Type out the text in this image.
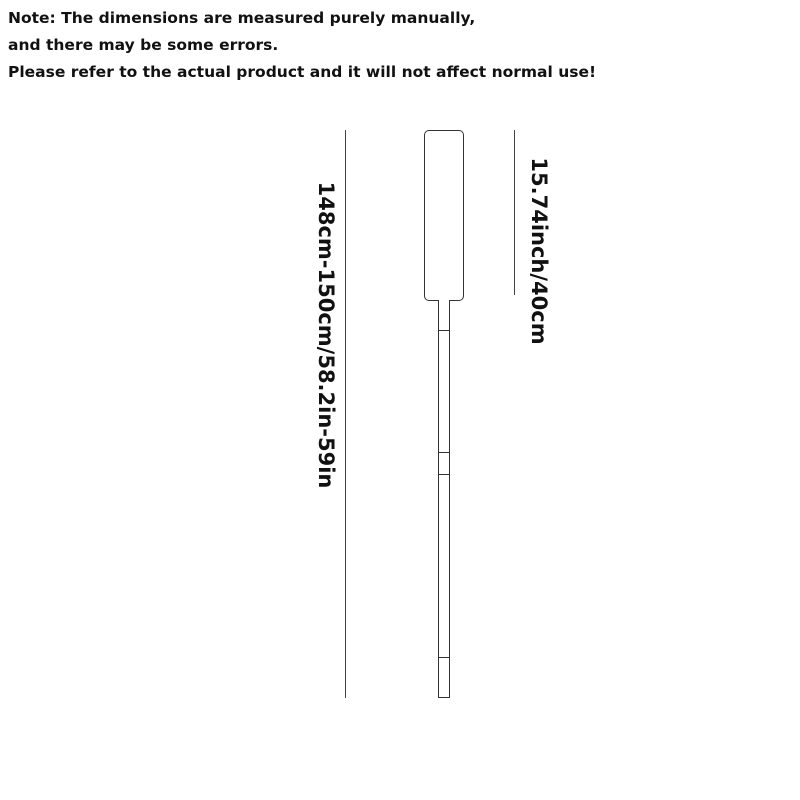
Note: The dimensions are measured purely manually,
and there may be some errors.
Please refer to the actual product and it will not affect normal use!
148cm-150cm/58.2in-59in	15.74inch/40cm
